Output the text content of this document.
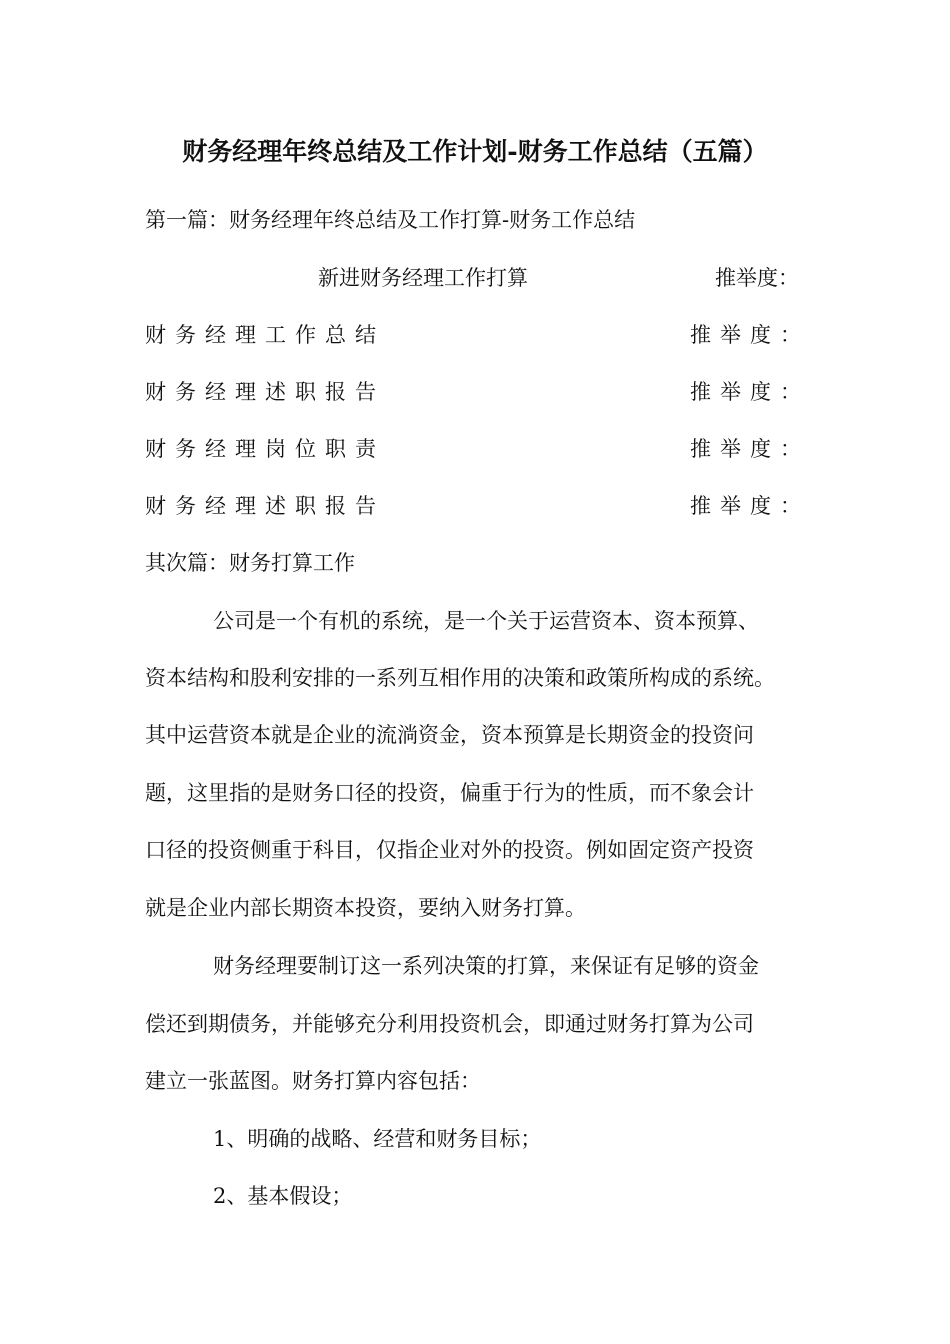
财务经理年终总结及工作计划-财务工作总结（五篇）
第一篇：财务经理年终总结及工作打算-财务工作总结
新进财务经理工作打算	推举度：
财务经理工作总结	推举度：
财务经理述职报告	推举度：
财务经理岗位职责	推举度：
财务经理述职报告	推举度：
其次篇：财务打算工作
公司是一个有机的系统，是一个关于运营资本、资本预算、
资本结构和股利安排的一系列互相作用的决策和政策所构成的系统。
其中运营资本就是企业的流淌资金，资本预算是长期资金的投资问
题，这里指的是财务口径的投资，偏重于行为的性质，而不象会计
口径的投资侧重于科目，仅指企业对外的投资。例如固定资产投资
就是企业内部长期资本投资，要纳入财务打算。
财务经理要制订这一系列决策的打算，来保证有足够的资金
偿还到期债务，并能够充分利用投资机会，即通过财务打算为公司
建立一张蓝图。财务打算内容包括：
1、明确的战略、经营和财务目标；
2、基本假设；
